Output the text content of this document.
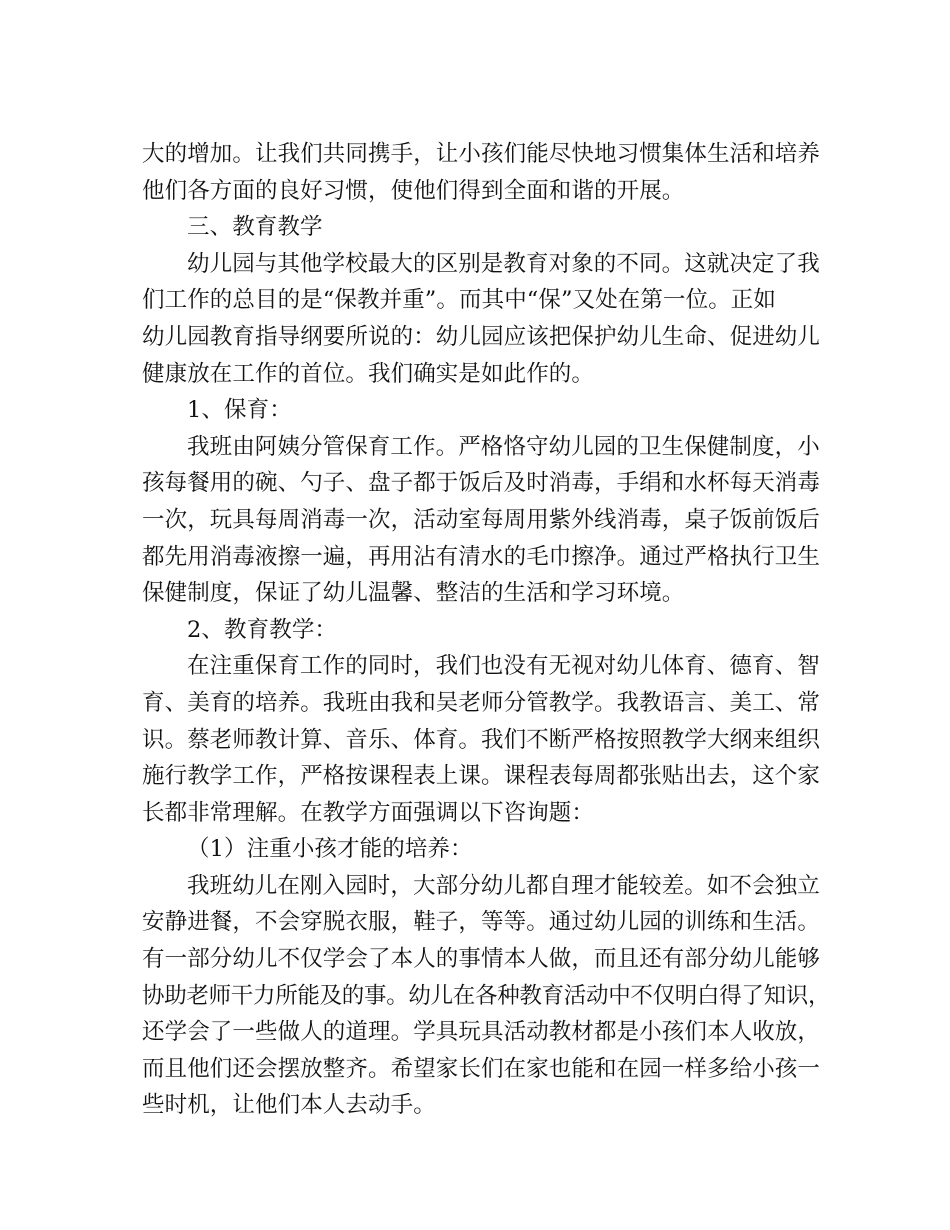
大的增加。让我们共同携手，让小孩们能尽快地习惯集体生活和培养
他们各方面的良好习惯，使他们得到全面和谐的开展。
三、教育教学
幼儿园与其他学校最大的区别是教育对象的不同。这就决定了我
们工作的总目的是“保教并重”。而其中“保”又处在第一位。正如
幼儿园教育指导纲要所说的：幼儿园应该把保护幼儿生命、促进幼儿
健康放在工作的首位。我们确实是如此作的。
1、保育：
我班由阿姨分管保育工作。严格恪守幼儿园的卫生保健制度，小
孩每餐用的碗、勺子、盘子都于饭后及时消毒，手绢和水杯每天消毒
一次，玩具每周消毒一次，活动室每周用紫外线消毒，桌子饭前饭后
都先用消毒液擦一遍，再用沾有清水的毛巾擦净。通过严格执行卫生
保健制度，保证了幼儿温馨、整洁的生活和学习环境。
2、教育教学：
在注重保育工作的同时，我们也没有无视对幼儿体育、德育、智
育、美育的培养。我班由我和吴老师分管教学。我教语言、美工、常
识。蔡老师教计算、音乐、体育。我们不断严格按照教学大纲来组织
施行教学工作，严格按课程表上课。课程表每周都张贴出去，这个家
长都非常理解。在教学方面强调以下咨询题：
（1）注重小孩才能的培养：
我班幼儿在刚入园时，大部分幼儿都自理才能较差。如不会独立
安静进餐，不会穿脱衣服，鞋子，等等。通过幼儿园的训练和生活。
有一部分幼儿不仅学会了本人的事情本人做，而且还有部分幼儿能够
协助老师干力所能及的事。幼儿在各种教育活动中不仅明白得了知识，
还学会了一些做人的道理。学具玩具活动教材都是小孩们本人收放，
而且他们还会摆放整齐。希望家长们在家也能和在园一样多给小孩一
些时机，让他们本人去动手。
